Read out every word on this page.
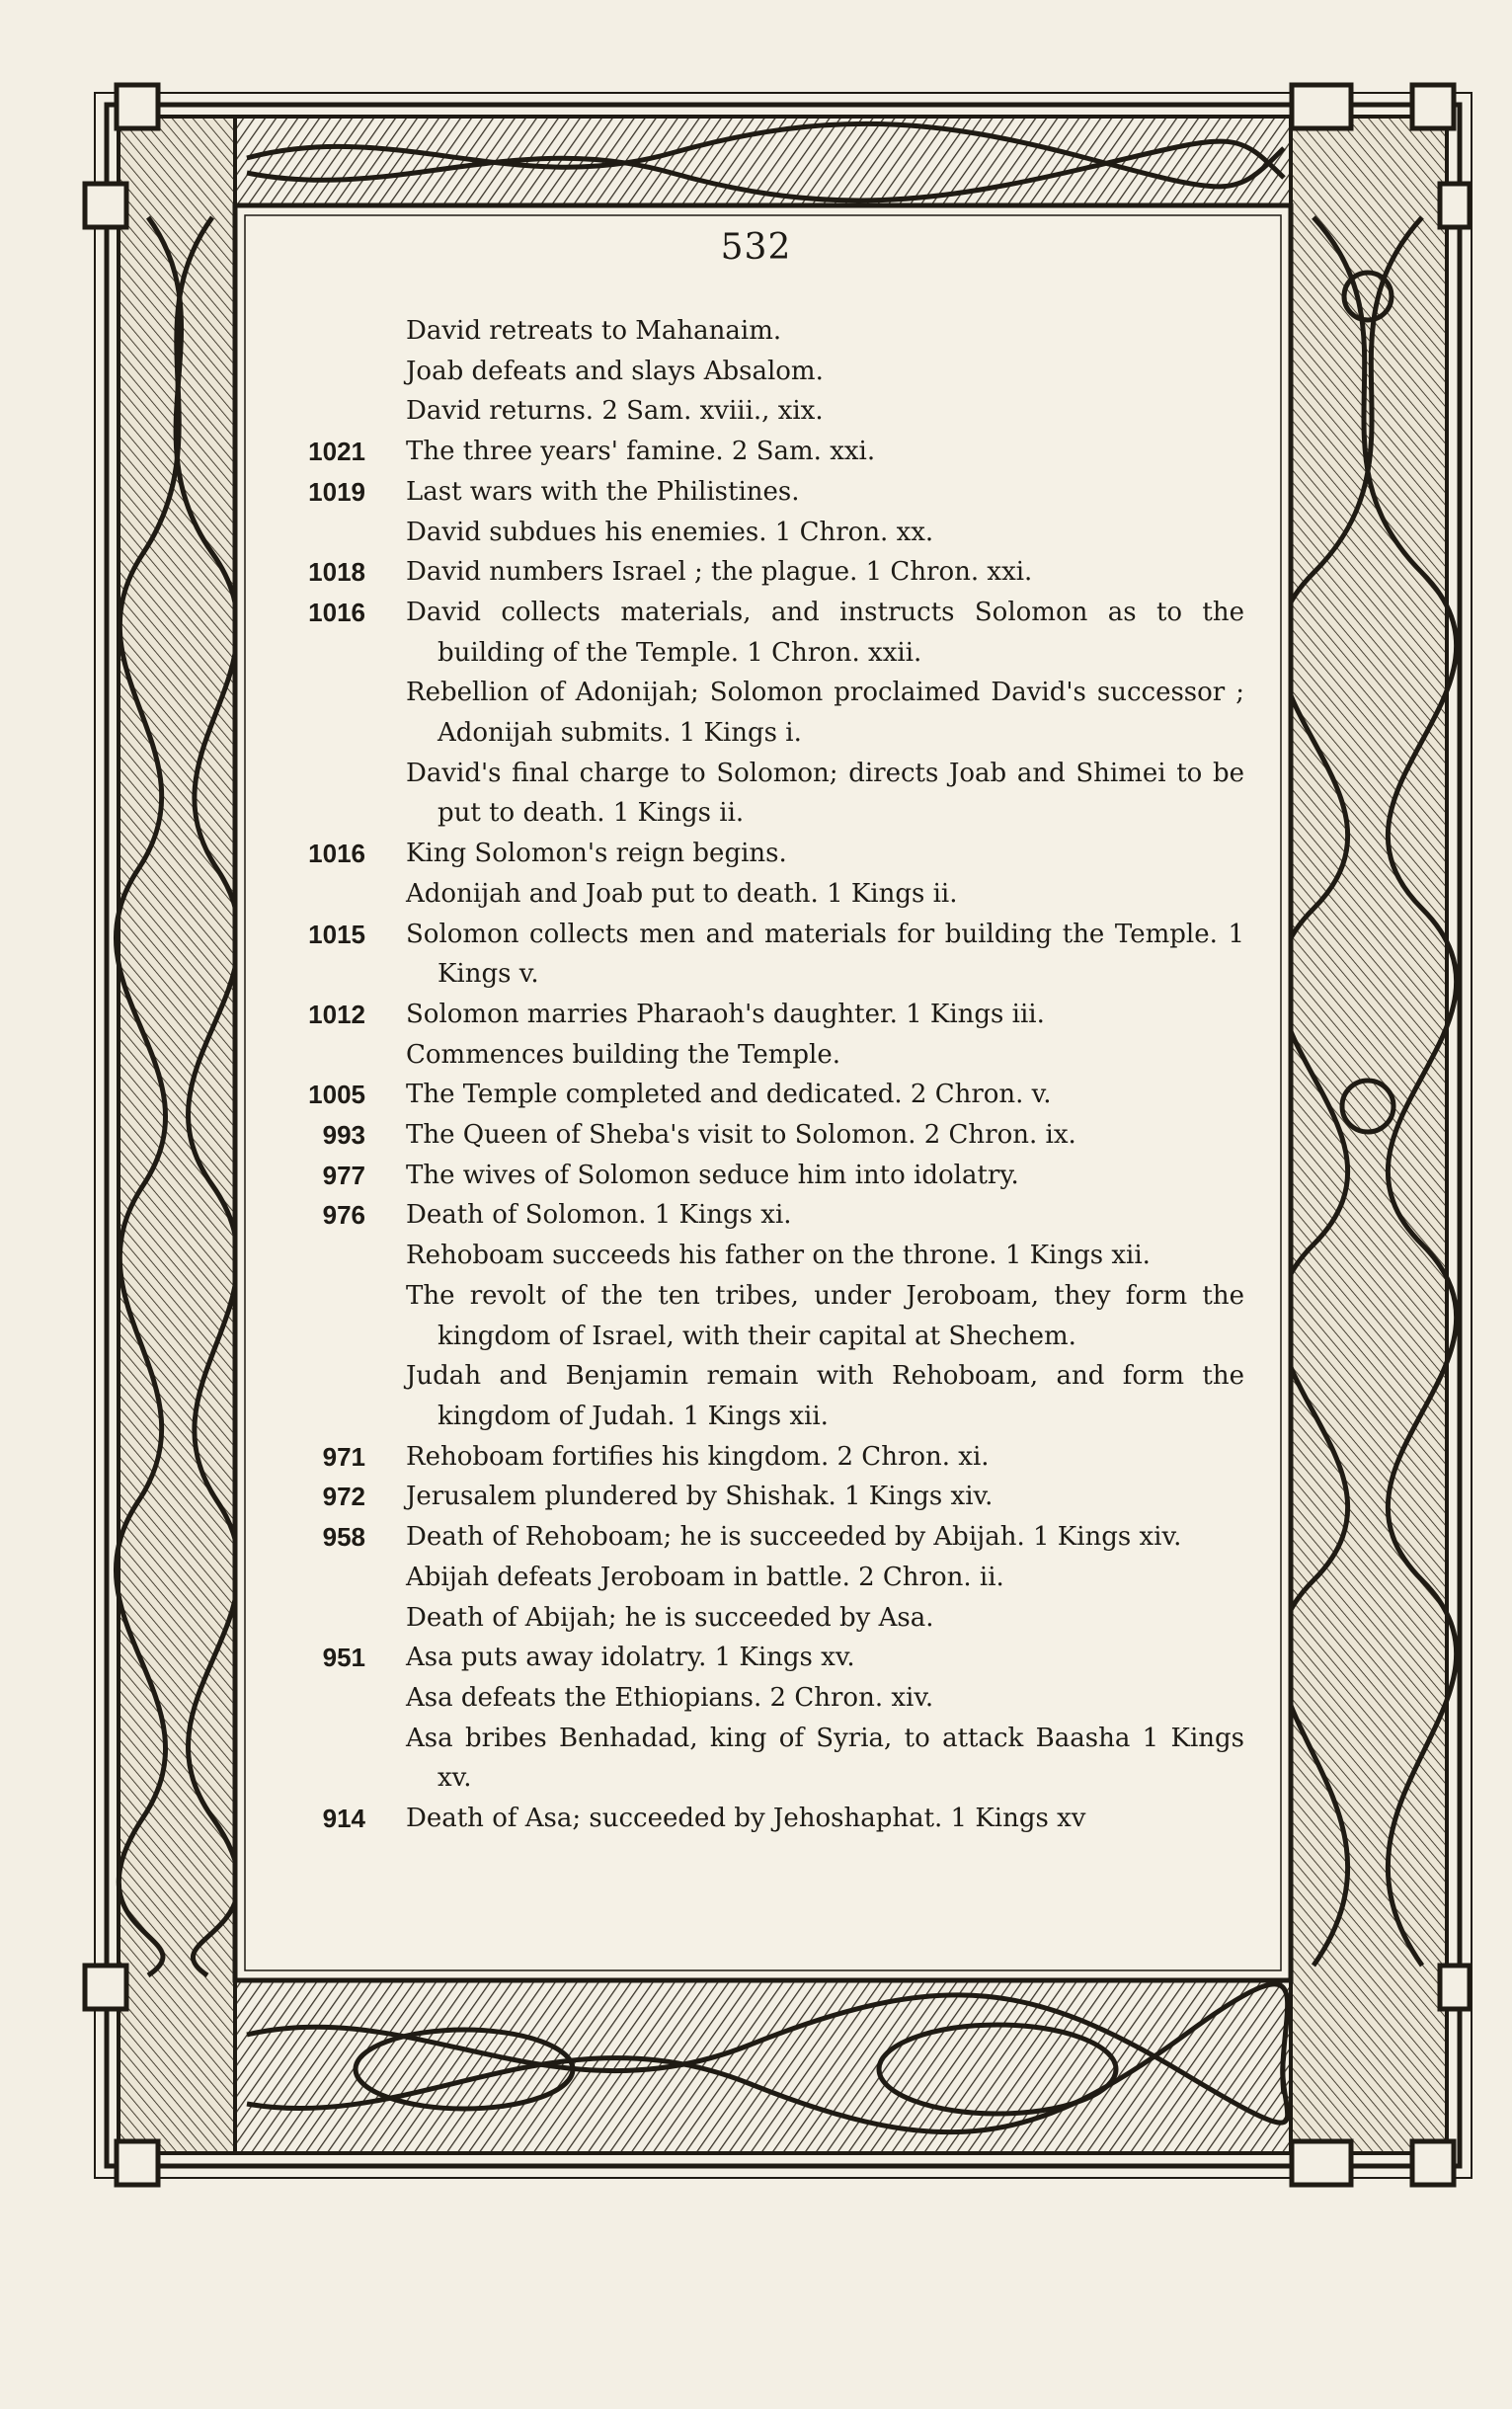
532
David retreats to Mahanaim.
Joab defeats and slays Absalom.
David returns. 2 Sam. xviii., xix.
1021 The three years' famine. 2 Sam. xxi.
1019 Last wars with the Philistines.
David subdues his enemies. 1 Chron. xx.
1018 David numbers Israel ; the plague. 1 Chron. xxi.
1016 David collects materials, and instructs Solomon as to the building of the Temple. 1 Chron. xxii.
Rebellion of Adonijah; Solomon proclaimed David's successor ; Adonijah submits. 1 Kings i.
David's final charge to Solomon; directs Joab and Shimei to be put to death. 1 Kings ii.
1016 King Solomon's reign begins.
Adonijah and Joab put to death. 1 Kings ii.
1015 Solomon collects men and materials for building the Temple. 1 Kings v.
1012 Solomon marries Pharaoh's daughter. 1 Kings iii.
Commences building the Temple.
1005 The Temple completed and dedicated. 2 Chron. v.
993 The Queen of Sheba's visit to Solomon. 2 Chron. ix.
977 The wives of Solomon seduce him into idolatry.
976 Death of Solomon. 1 Kings xi.
Rehoboam succeeds his father on the throne. 1 Kings xii.
The revolt of the ten tribes, under Jeroboam, they form the kingdom of Israel, with their capital at Shechem.
Judah and Benjamin remain with Rehoboam, and form the kingdom of Judah. 1 Kings xii.
971 Rehoboam fortifies his kingdom. 2 Chron. xi.
972 Jerusalem plundered by Shishak. 1 Kings xiv.
958 Death of Rehoboam; he is succeeded by Abijah. 1 Kings xiv.
Abijah defeats Jeroboam in battle. 2 Chron. ii.
Death of Abijah; he is succeeded by Asa.
951 Asa puts away idolatry. 1 Kings xv.
Asa defeats the Ethiopians. 2 Chron. xiv.
Asa bribes Benhadad, king of Syria, to attack Baasha 1 Kings xv.
914 Death of Asa; succeeded by Jehoshaphat. 1 Kings xv
